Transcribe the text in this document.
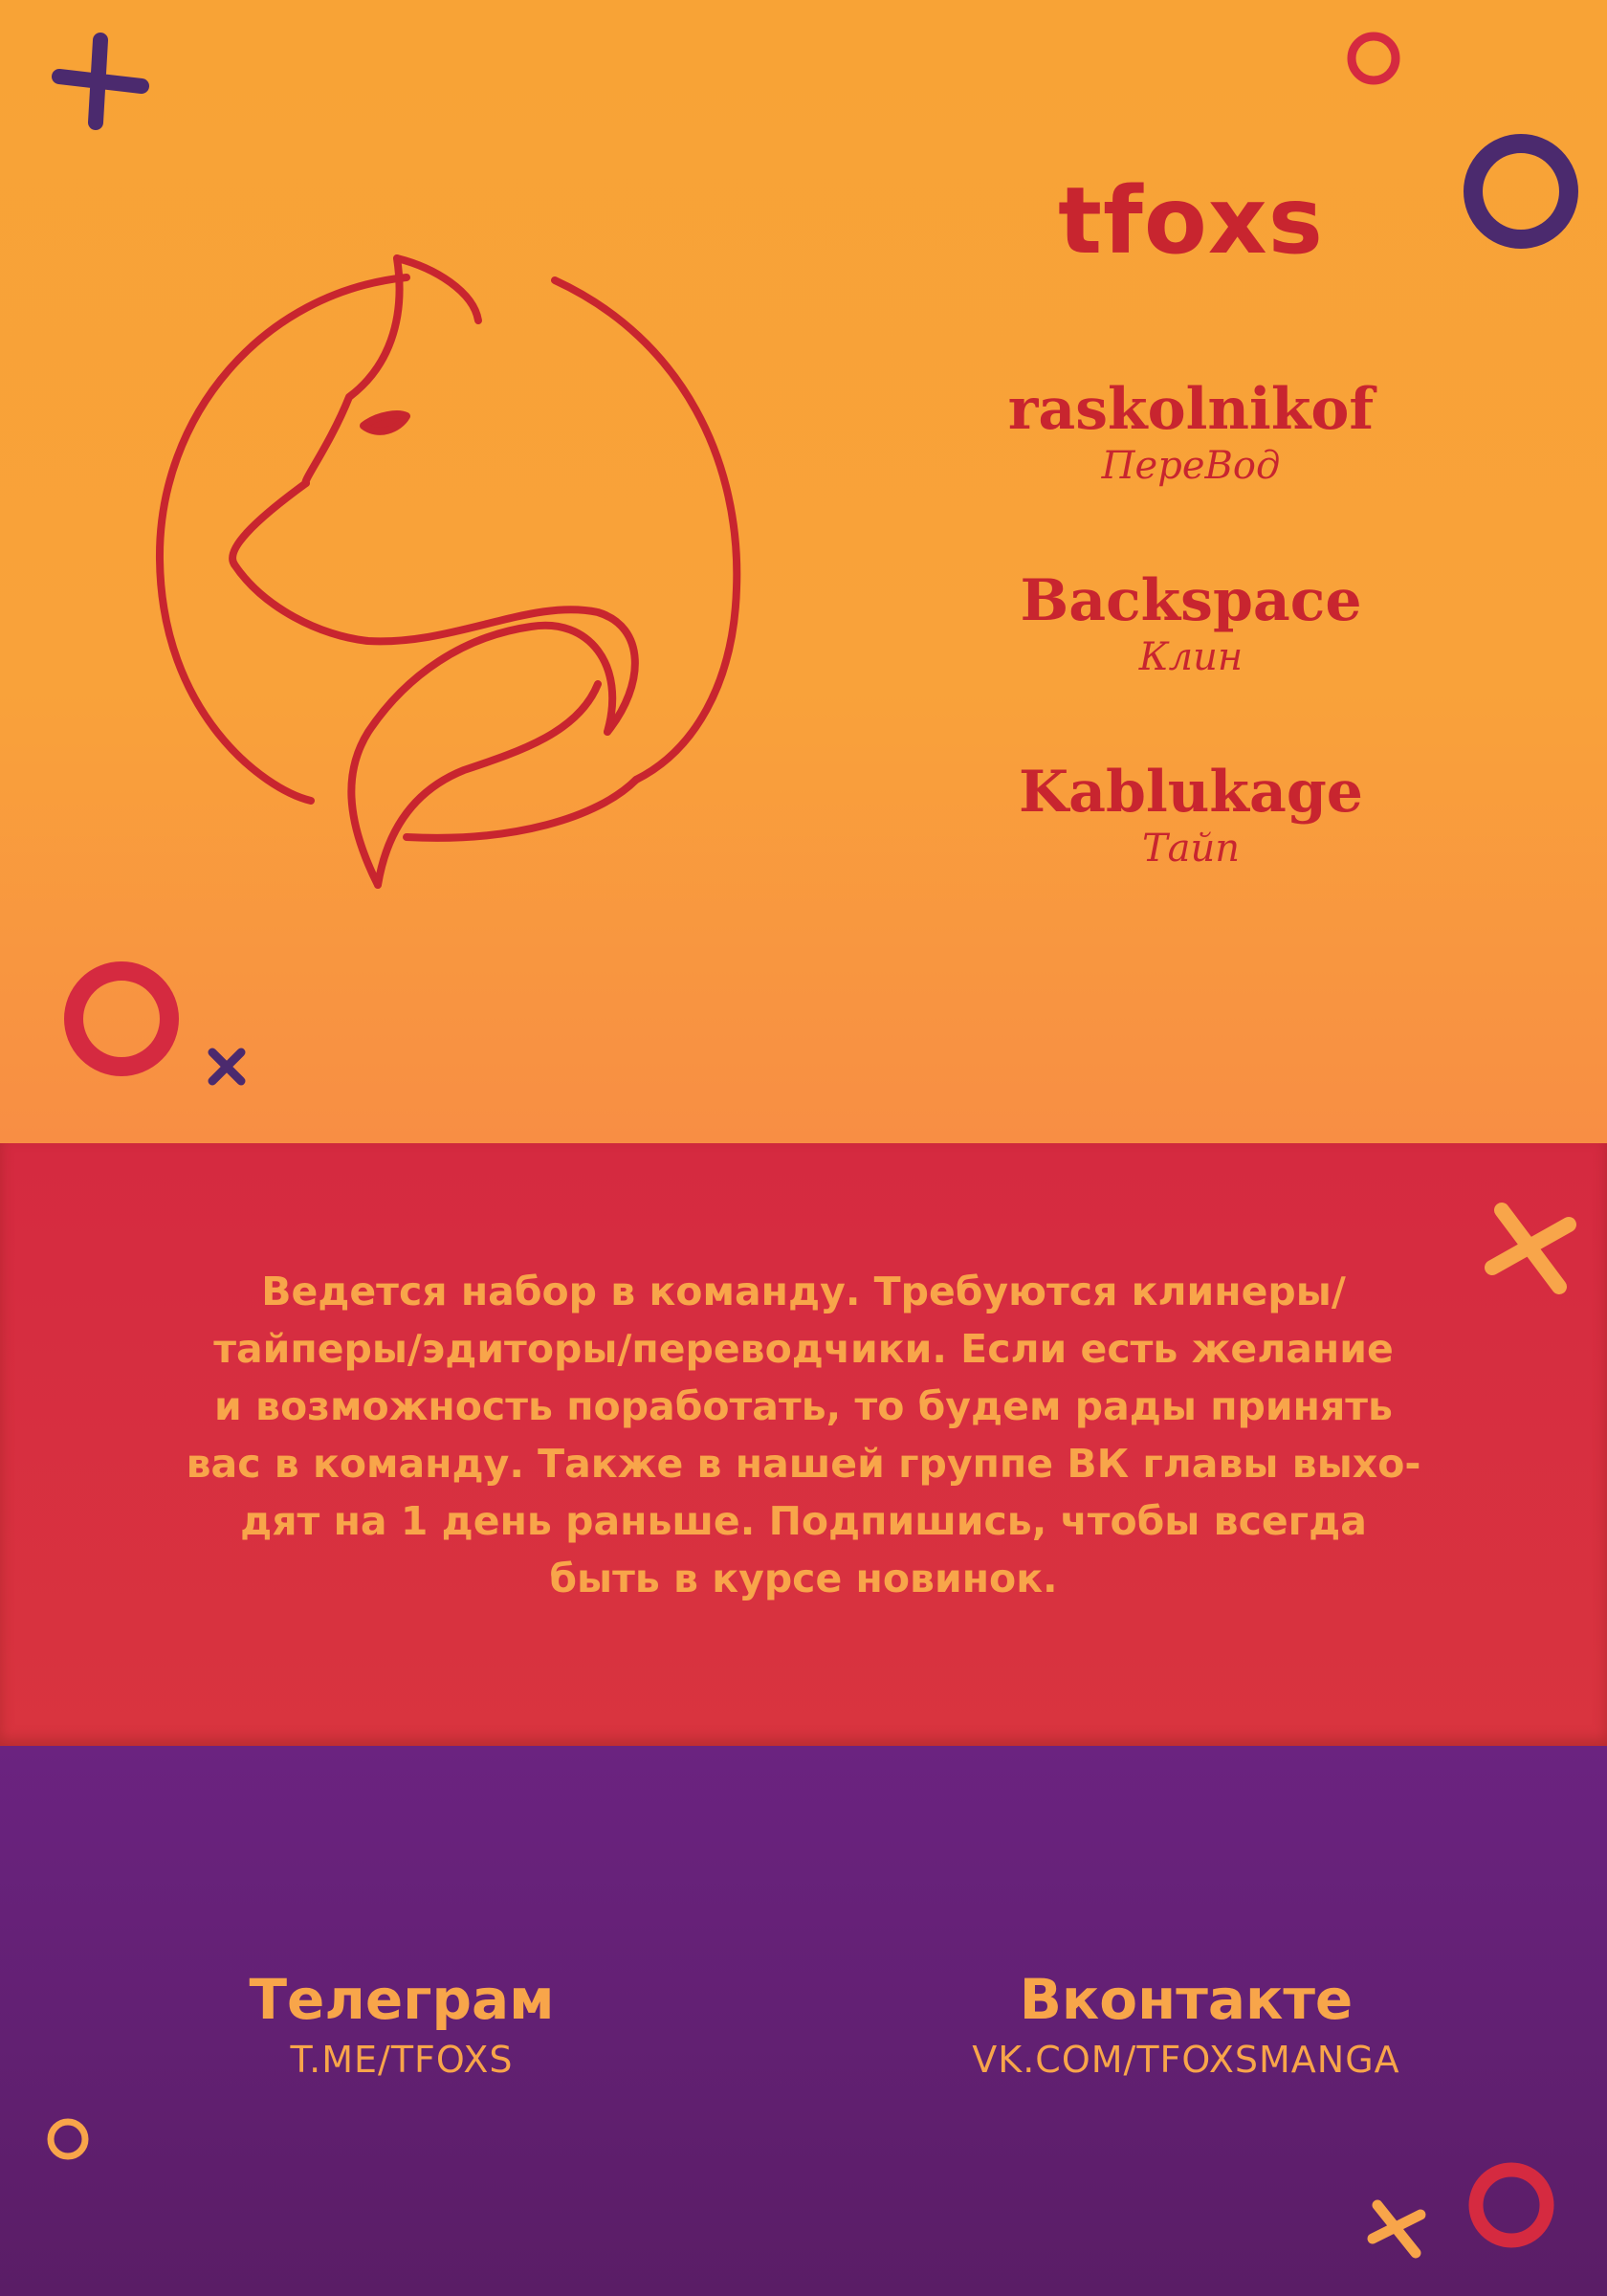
tfoxs
raskolnikof
ПереВод
Backspace
Клин
Kablukage
Тайп
Ведется набор в команду. Требуются клинеры/
тайперы/эдиторы/переводчики. Если есть желание
и возможность поработать, то будем рады принять
вас в команду. Также в нашей группе ВК главы выхо-
дят на 1 день раньше. Подпишись, чтобы всегда
быть в курсе новинок.
Телеграм
T.ME/TFOXS
Вконтакте
VK.COM/TFOXSMANGA
